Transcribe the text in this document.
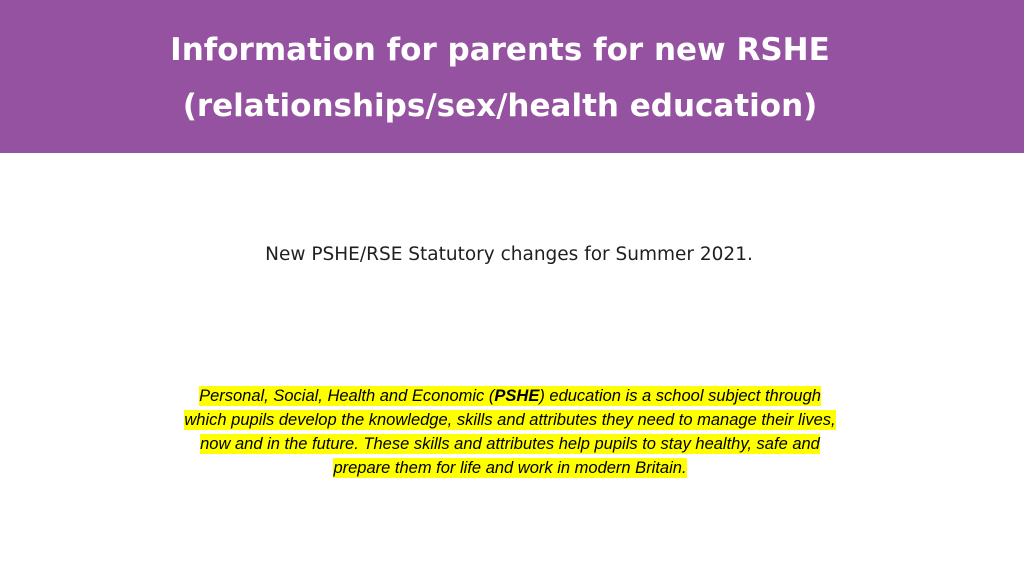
Information for parents for new RSHE
(relationships/sex/health education)
New PSHE/RSE Statutory changes for Summer 2021.
Personal, Social, Health and Economic (PSHE) education is a school subject through
which pupils develop the knowledge, skills and attributes they need to manage their lives,
now and in the future. These skills and attributes help pupils to stay healthy, safe and
prepare them for life and work in modern Britain.
